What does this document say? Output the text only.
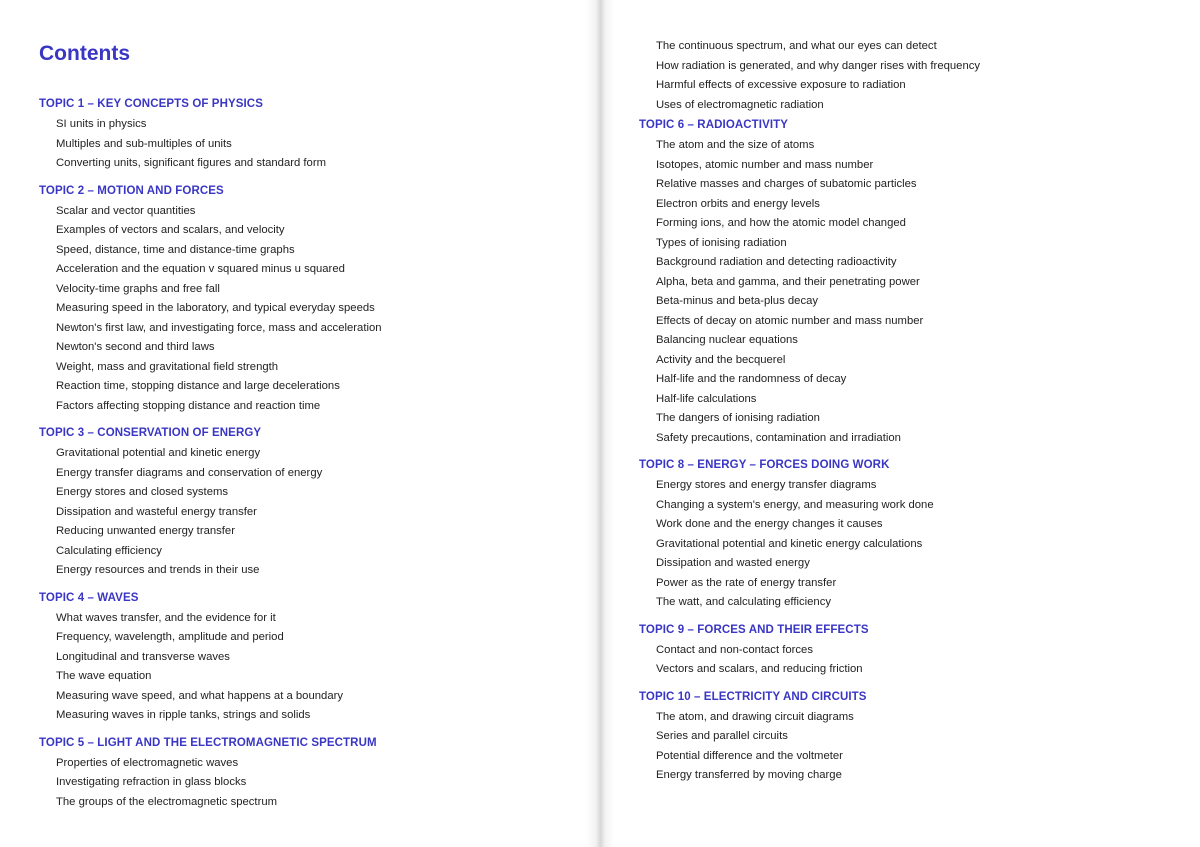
Contents
TOPIC 1 – KEY CONCEPTS OF PHYSICS
SI units in physics
Multiples and sub-multiples of units
Converting units, significant figures and standard form
TOPIC 2 – MOTION AND FORCES
Scalar and vector quantities
Examples of vectors and scalars, and velocity
Speed, distance, time and distance-time graphs
Acceleration and the equation v squared minus u squared
Velocity-time graphs and free fall
Measuring speed in the laboratory, and typical everyday speeds
Newton's first law, and investigating force, mass and acceleration
Newton's second and third laws
Weight, mass and gravitational field strength
Reaction time, stopping distance and large decelerations
Factors affecting stopping distance and reaction time
TOPIC 3 – CONSERVATION OF ENERGY
Gravitational potential and kinetic energy
Energy transfer diagrams and conservation of energy
Energy stores and closed systems
Dissipation and wasteful energy transfer
Reducing unwanted energy transfer
Calculating efficiency
Energy resources and trends in their use
TOPIC 4 – WAVES
What waves transfer, and the evidence for it
Frequency, wavelength, amplitude and period
Longitudinal and transverse waves
The wave equation
Measuring wave speed, and what happens at a boundary
Measuring waves in ripple tanks, strings and solids
TOPIC 5 – LIGHT AND THE ELECTROMAGNETIC SPECTRUM
Properties of electromagnetic waves
Investigating refraction in glass blocks
The groups of the electromagnetic spectrum
The continuous spectrum, and what our eyes can detect
How radiation is generated, and why danger rises with frequency
Harmful effects of excessive exposure to radiation
Uses of electromagnetic radiation
TOPIC 6 – RADIOACTIVITY
The atom and the size of atoms
Isotopes, atomic number and mass number
Relative masses and charges of subatomic particles
Electron orbits and energy levels
Forming ions, and how the atomic model changed
Types of ionising radiation
Background radiation and detecting radioactivity
Alpha, beta and gamma, and their penetrating power
Beta-minus and beta-plus decay
Effects of decay on atomic number and mass number
Balancing nuclear equations
Activity and the becquerel
Half-life and the randomness of decay
Half-life calculations
The dangers of ionising radiation
Safety precautions, contamination and irradiation
TOPIC 8 – ENERGY – FORCES DOING WORK
Energy stores and energy transfer diagrams
Changing a system's energy, and measuring work done
Work done and the energy changes it causes
Gravitational potential and kinetic energy calculations
Dissipation and wasted energy
Power as the rate of energy transfer
The watt, and calculating efficiency
TOPIC 9 – FORCES AND THEIR EFFECTS
Contact and non-contact forces
Vectors and scalars, and reducing friction
TOPIC 10 – ELECTRICITY AND CIRCUITS
The atom, and drawing circuit diagrams
Series and parallel circuits
Potential difference and the voltmeter
Energy transferred by moving charge
